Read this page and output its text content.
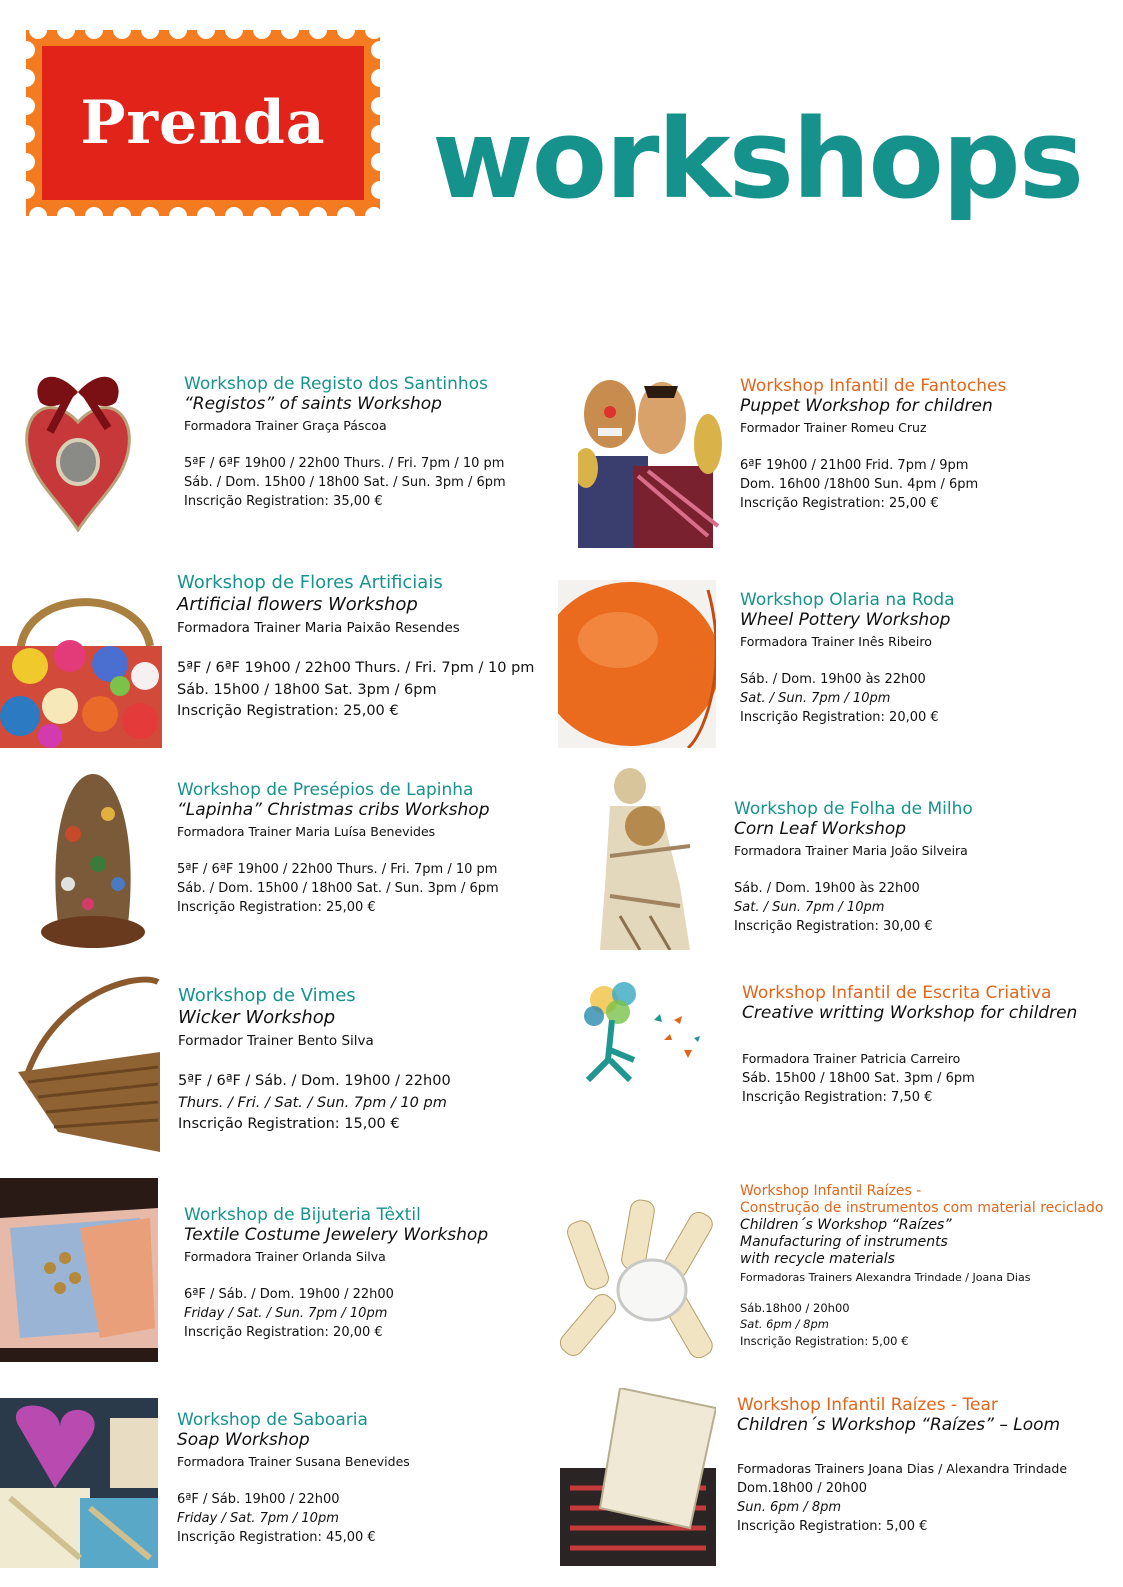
Prenda workshops
Workshop de Registo dos Santinhos
“Registos” of saints Workshop
Formadora Trainer Graça Páscoa
5ªF / 6ªF 19h00 / 22h00 Thurs. / Fri. 7pm / 10 pm
Sáb. / Dom. 15h00 / 18h00 Sat. / Sun. 3pm / 6pm
Inscrição Registration: 35,00 €
Workshop Infantil de Fantoches
Puppet Workshop for children
Formador Trainer Romeu Cruz
6ªF 19h00 / 21h00 Frid. 7pm / 9pm
Dom. 16h00 /18h00 Sun. 4pm / 6pm
Inscrição Registration: 25,00 €
Workshop de Flores Artificiais
Artificial flowers Workshop
Formadora Trainer Maria Paixão Resendes
5ªF / 6ªF 19h00 / 22h00 Thurs. / Fri. 7pm / 10 pm
Sáb. 15h00 / 18h00 Sat. 3pm / 6pm
Inscrição Registration: 25,00 €
Workshop Olaria na Roda
Wheel Pottery Workshop
Formadora Trainer Inês Ribeiro
Sáb. / Dom. 19h00 às 22h00
Sat. / Sun. 7pm / 10pm
Inscrição Registration: 20,00 €
Workshop de Presépios de Lapinha
“Lapinha” Christmas cribs Workshop
Formadora Trainer Maria Luísa Benevides
5ªF / 6ªF 19h00 / 22h00 Thurs. / Fri. 7pm / 10 pm
Sáb. / Dom. 15h00 / 18h00 Sat. / Sun. 3pm / 6pm
Inscrição Registration: 25,00 €
Workshop de Folha de Milho
Corn Leaf Workshop
Formadora Trainer Maria João Silveira
Sáb. / Dom. 19h00 às 22h00
Sat. / Sun. 7pm / 10pm
Inscrição Registration: 30,00 €
Workshop de Vimes
Wicker Workshop
Formador Trainer Bento Silva
5ªF / 6ªF / Sáb. / Dom. 19h00 / 22h00
Thurs. / Fri. / Sat. / Sun. 7pm / 10 pm
Inscrição Registration: 15,00 €
Workshop Infantil de Escrita Criativa
Creative writting Workshop for children
Formadora Trainer Patricia Carreiro
Sáb. 15h00 / 18h00 Sat. 3pm / 6pm
Inscrição Registration: 7,50 €
Workshop de Bijuteria Têxtil
Textile Costume Jewelery Workshop
Formadora Trainer Orlanda Silva
6ªF / Sáb. / Dom. 19h00 / 22h00
Friday / Sat. / Sun. 7pm / 10pm
Inscrição Registration: 20,00 €
Workshop Infantil Raízes -
Construção de instrumentos com material reciclado
Children´s Workshop “Raízes”
Manufacturing of instruments
with recycle materials
Formadoras Trainers Alexandra Trindade / Joana Dias
Sáb.18h00 / 20h00
Sat. 6pm / 8pm
Inscrição Registration: 5,00 €
Workshop de Saboaria
Soap Workshop
Formadora Trainer Susana Benevides
6ªF / Sáb. 19h00 / 22h00
Friday / Sat. 7pm / 10pm
Inscrição Registration: 45,00 €
Workshop Infantil Raízes - Tear
Children´s Workshop “Raízes” – Loom
Formadoras Trainers Joana Dias / Alexandra Trindade
Dom.18h00 / 20h00
Sun. 6pm / 8pm
Inscrição Registration: 5,00 €
